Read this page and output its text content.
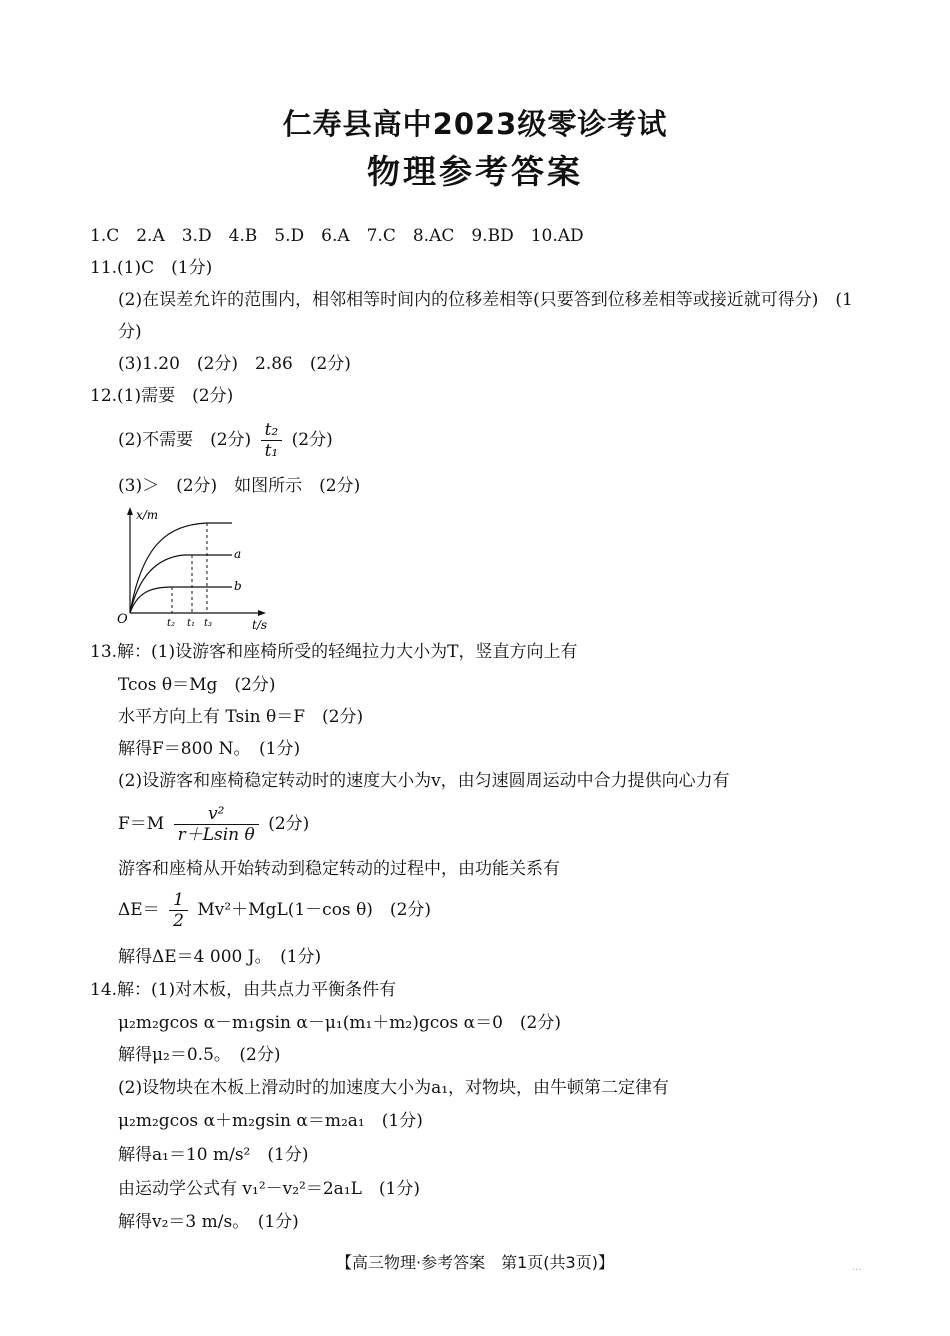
仁寿县高中2023级零诊考试
物理参考答案
1.C　2.A　3.D　4.B　5.D　6.A　7.C　8.AC　9.BD　10.AD
11.(1)C　(1分)
(2)在误差允许的范围内，相邻相等时间内的位移差相等(只要答到位移差相等或接近就可得分)　(1分)
(3)1.20　(2分)　2.86　(2分)
12.(1)需要　(2分)
(2)不需要　(2分) $\frac{\text{t₂}}{\text{t₁}} (2$分)
(3)＞　(2分)　如图所示　(2分)
x/m
O	t/s
a
b
t₂ t₁ t₃
13.解：(1)设游客和座椅所受的轻绳拉力大小为T，竖直方向上有
Tcos θ＝Mg　(2分)
水平方向上有 Tsin θ＝F　(2分)
解得F＝800 N。　(1分)
(2)设游客和座椅稳定转动时的速度大小为v，由匀速圆周运动中合力提供向心力有
$F=M \frac{\text{v²}}{\text{r＋Lsin θ}} (2$分)
游客和座椅从开始转动到稳定转动的过程中，由功能关系有
$\Delta E= \frac{1}{2} Mv^2+MgL(1-\cos$ θ)　(2分)
解得ΔE＝4 000 J。　(1分)
14.解：(1)对木板，由共点力平衡条件有
μ₂m₂gcos α－m₁gsin α－μ₁(m₁＋m₂)gcos α＝0　(2分)
解得μ₂＝0.5。　(2分)
(2)设物块在木板上滑动时的加速度大小为a₁，对物块，由牛顿第二定律有
μ₂m₂gcos α＋m₂gsin α＝m₂a₁　(1分)
解得a₁＝10 m/s²　(1分)
由运动学公式有 v₁²－v₂²＝2a₁L　(1分)
解得v₂＝3 m/s。　(1分)
【高三物理·参考答案　第1页(共3页)】	...
